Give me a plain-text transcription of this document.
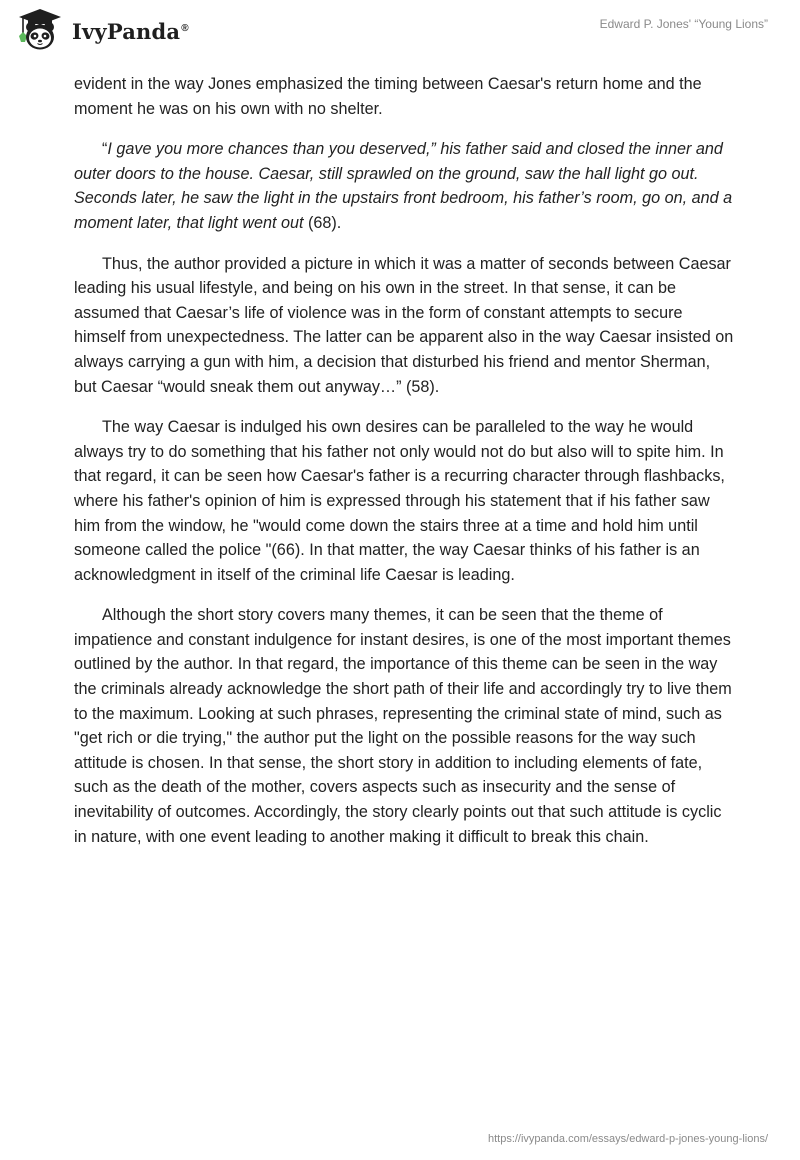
IvyPanda®	Edward P. Jones' “Young Lions”

evident in the way Jones emphasized the timing between Caesar's return home and the moment he was on his own with no shelter.

“I gave you more chances than you deserved,” his father said and closed the inner and outer doors to the house. Caesar, still sprawled on the ground, saw the hall light go out. Seconds later, he saw the light in the upstairs front bedroom, his father’s room, go on, and a moment later, that light went out (68).

Thus, the author provided a picture in which it was a matter of seconds between Caesar leading his usual lifestyle, and being on his own in the street. In that sense, it can be assumed that Caesar’s life of violence was in the form of constant attempts to secure himself from unexpectedness. The latter can be apparent also in the way Caesar insisted on always carrying a gun with him, a decision that disturbed his friend and mentor Sherman, but Caesar “would sneak them out anyway…” (58).

The way Caesar is indulged his own desires can be paralleled to the way he would always try to do something that his father not only would not do but also will to spite him. In that regard, it can be seen how Caesar's father is a recurring character through flashbacks, where his father's opinion of him is expressed through his statement that if his father saw him from the window, he "would come down the stairs three at a time and hold him until someone called the police "(66). In that matter, the way Caesar thinks of his father is an acknowledgment in itself of the criminal life Caesar is leading.

Although the short story covers many themes, it can be seen that the theme of impatience and constant indulgence for instant desires, is one of the most important themes outlined by the author. In that regard, the importance of this theme can be seen in the way the criminals already acknowledge the short path of their life and accordingly try to live them to the maximum. Looking at such phrases, representing the criminal state of mind, such as "get rich or die trying," the author put the light on the possible reasons for the way such attitude is chosen. In that sense, the short story in addition to including elements of fate, such as the death of the mother, covers aspects such as insecurity and the sense of inevitability of outcomes. Accordingly, the story clearly points out that such attitude is cyclic in nature, with one event leading to another making it difficult to break this chain.

https://ivypanda.com/essays/edward-p-jones-young-lions/
